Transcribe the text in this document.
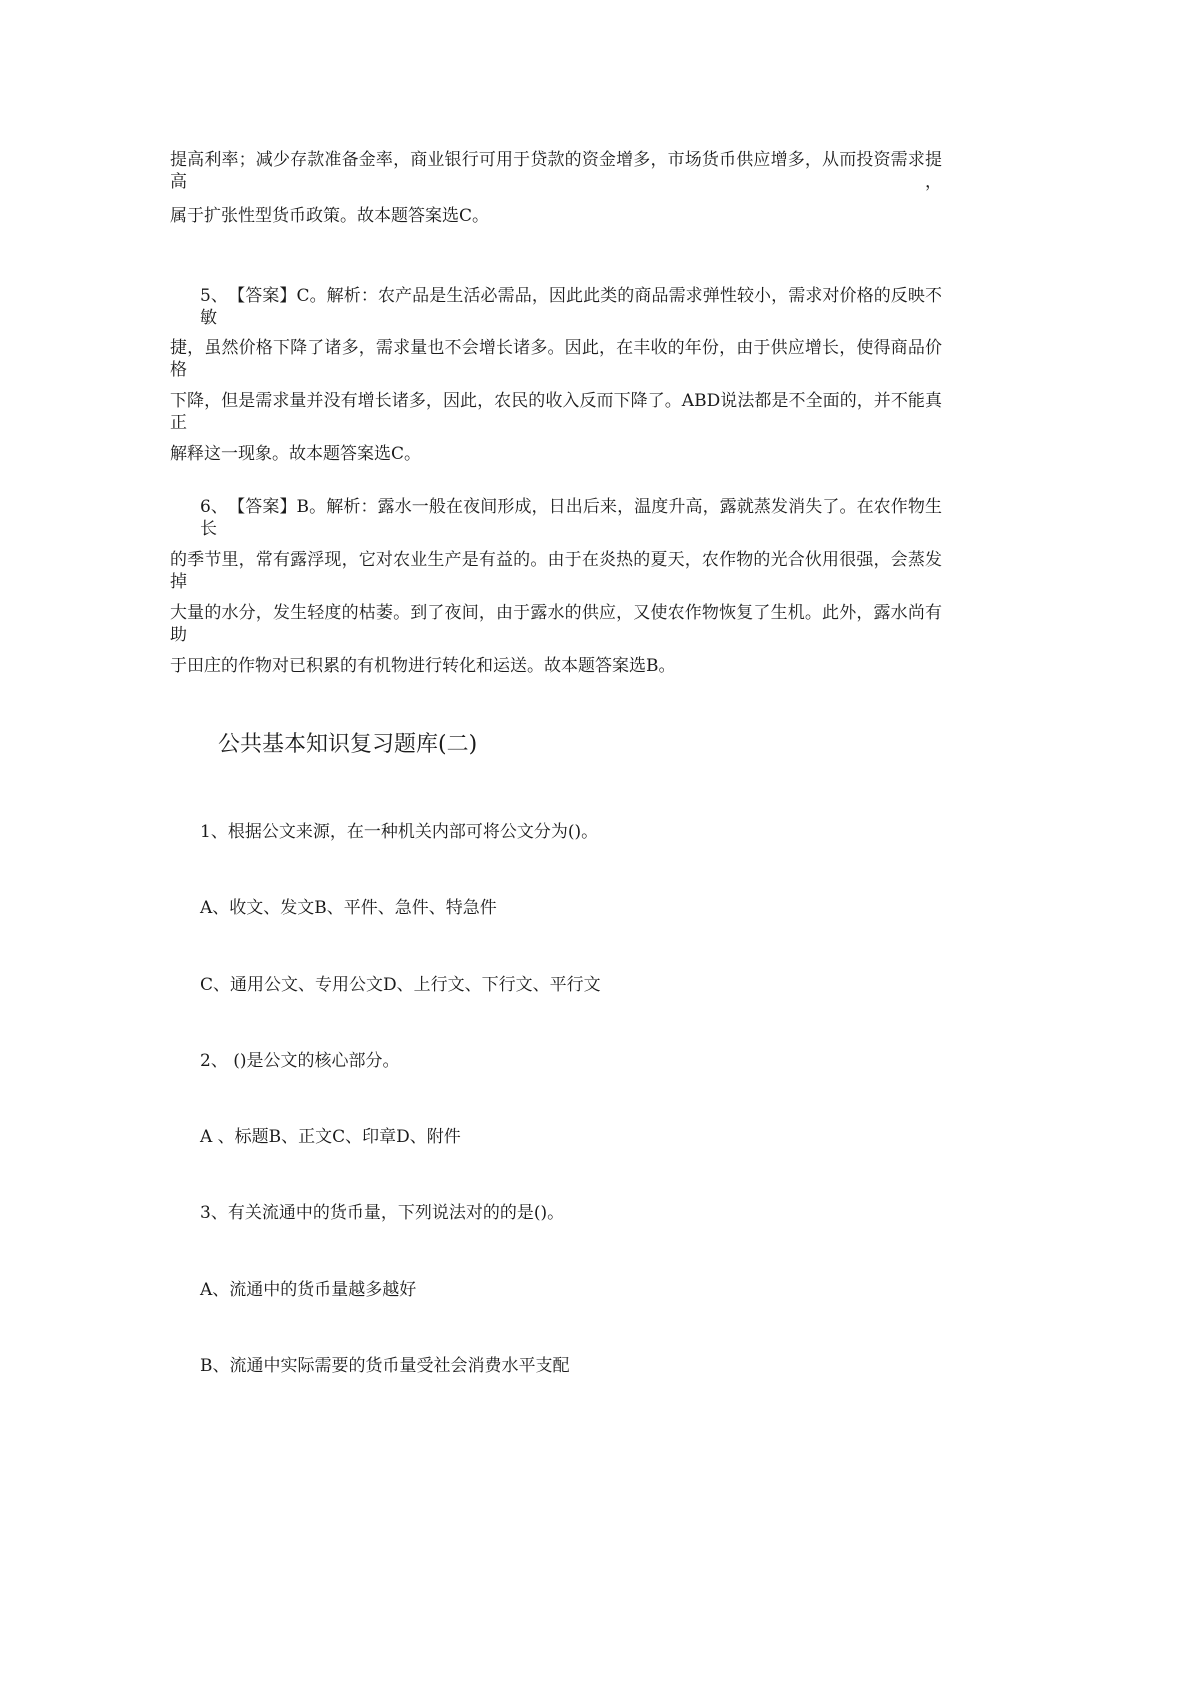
提高利率；减少存款准备金率，商业银行可用于贷款的资金增多，市场货币供应增多，从而投资需求提高，
属于扩张性型货币政策。故本题答案选C。
5、　【答案】C。解析：农产品是生活必需品，因此此类的商品需求弹性较小，需求对价格的反映不敏
捷，虽然价格下降了诸多，需求量也不会增长诸多。因此，在丰收的年份，由于供应增长，使得商品价格
下降，但是需求量并没有增长诸多，因此，农民的收入反而下降了。ABD说法都是不全面的，并不能真正
解释这一现象。故本题答案选C。
6、　【答案】B。解析：露水一般在夜间形成，日出后来，温度升高，露就蒸发消失了。在农作物生长
的季节里，常有露浮现，它对农业生产是有益的。由于在炎热的夏天，农作物的光合伙用很强，会蒸发掉
大量的水分，发生轻度的枯萎。到了夜间，由于露水的供应，又使农作物恢复了生机。此外，露水尚有助
于田庄的作物对已积累的有机物进行转化和运送。故本题答案选B。
公共基本知识复习题库(二)
1、根据公文来源，在一种机关内部可将公文分为()。
A、收文、发文B、平件、急件、特急件
C、通用公文、专用公文D、上行文、下行文、平行文
2、 ()是公文的核心部分。
A 、标题B、正文C、印章D、附件
3、有关流通中的货币量，下列说法对的的是()。
A、流通中的货币量越多越好
B、流通中实际需要的货币量受社会消费水平支配
